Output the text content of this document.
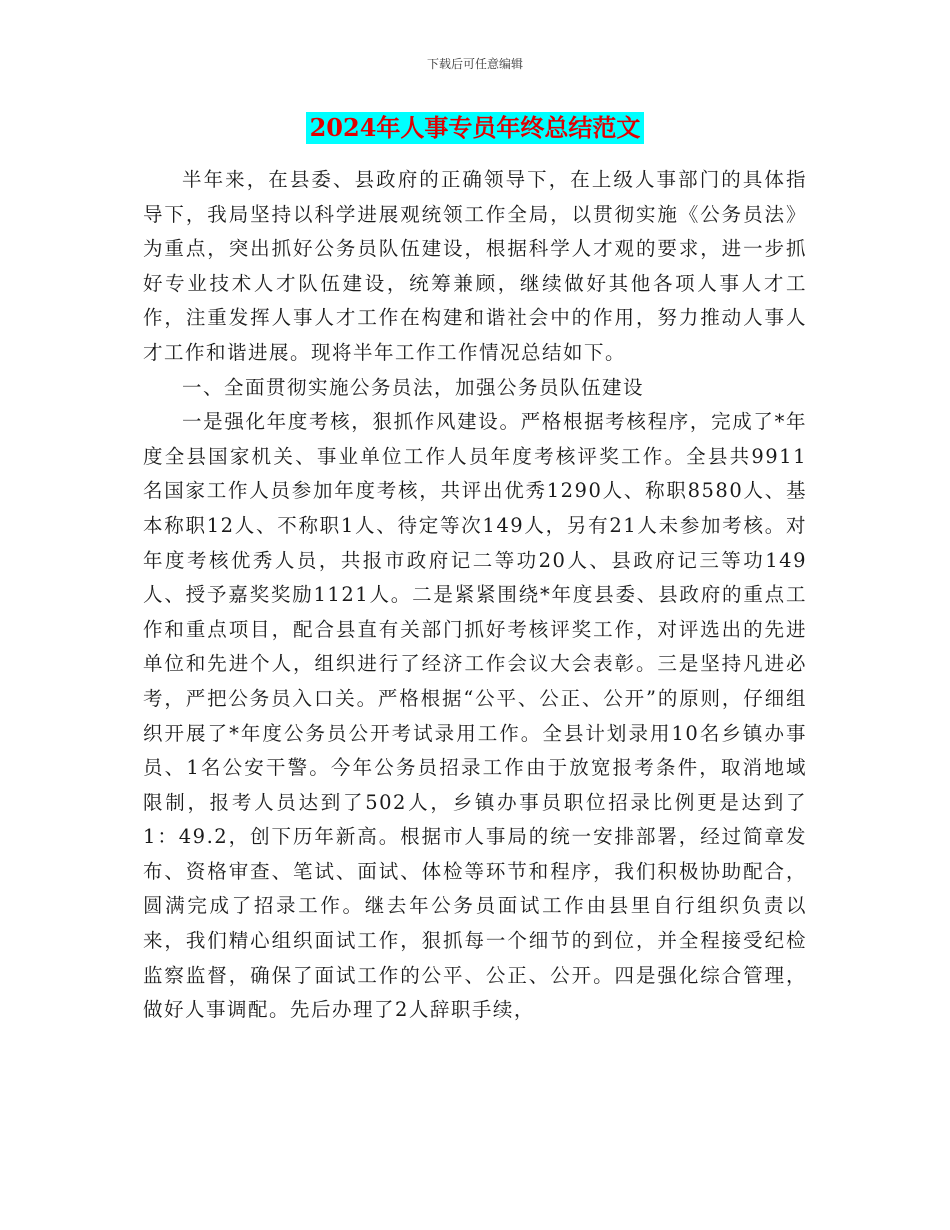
下载后可任意编辑
2024年人事专员年终总结范文

半年来，在县委、县政府的正确领导下，在上级人事部门的具体指导下，我局坚持以科学进展观统领工作全局，以贯彻实施《公务员法》为重点，突出抓好公务员队伍建设，根据科学人才观的要求，进一步抓好专业技术人才队伍建设，统筹兼顾，继续做好其他各项人事人才工作，注重发挥人事人才工作在构建和谐社会中的作用，努力推动人事人才工作和谐进展。现将半年工作工作情况总结如下。

一、全面贯彻实施公务员法，加强公务员队伍建设

一是强化年度考核，狠抓作风建设。严格根据考核程序，完成了*年度全县国家机关、事业单位工作人员年度考核评奖工作。全县共9911名国家工作人员参加年度考核，共评出优秀1290人、称职8580人、基本称职12人、不称职1人、待定等次149人，另有21人未参加考核。对年度考核优秀人员，共报市政府记二等功20人、县政府记三等功149人、授予嘉奖奖励1121人。二是紧紧围绕*年度县委、县政府的重点工作和重点项目，配合县直有关部门抓好考核评奖工作，对评选出的先进单位和先进个人，组织进行了经济工作会议大会表彰。三是坚持凡进必考，严把公务员入口关。严格根据“公平、公正、公开”的原则，仔细组织开展了*年度公务员公开考试录用工作。全县计划录用10名乡镇办事员、1名公安干警。今年公务员招录工作由于放宽报考条件，取消地域限制，报考人员达到了502人，乡镇办事员职位招录比例更是达到了1：49.2，创下历年新高。根据市人事局的统一安排部署，经过简章发布、资格审查、笔试、面试、体检等环节和程序，我们积极协助配合，圆满完成了招录工作。继去年公务员面试工作由县里自行组织负责以来，我们精心组织面试工作，狠抓每一个细节的到位，并全程接受纪检监察监督，确保了面试工作的公平、公正、公开。四是强化综合管理，做好人事调配。先后办理了2人辞职手续，
